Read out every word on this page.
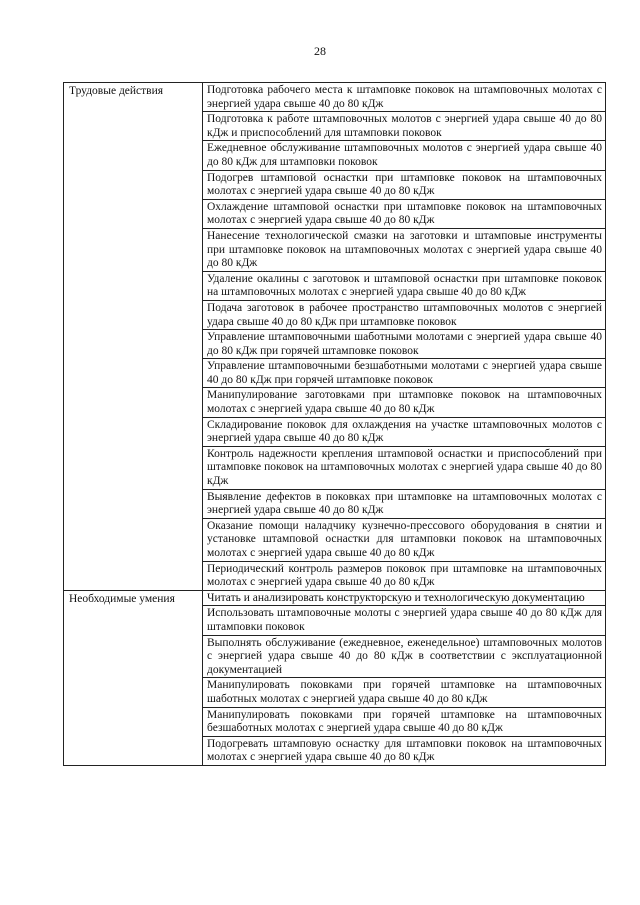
28
Трудовые действия	Подготовка рабочего места к штамповке поковок на штамповочных молотах с энергией удара свыше 40 до 80 кДж
Подготовка к работе штамповочных молотов с энергией удара свыше 40 до 80 кДж и приспособлений для штамповки поковок
Ежедневное обслуживание штамповочных молотов с энергией удара свыше 40 до 80 кДж для штамповки поковок
Подогрев штамповой оснастки при штамповке поковок на штамповочных молотах с энергией удара свыше 40 до 80 кДж
Охлаждение штамповой оснастки при штамповке поковок на штамповочных молотах с энергией удара свыше 40 до 80 кДж
Нанесение технологической смазки на заготовки и штамповые инструменты при штамповке поковок на штамповочных молотах с энергией удара свыше 40 до 80 кДж
Удаление окалины с заготовок и штамповой оснастки при штамповке поковок на штамповочных молотах с энергией удара свыше 40 до 80 кДж
Подача заготовок в рабочее пространство штамповочных молотов с энергией удара свыше 40 до 80 кДж при штамповке поковок
Управление штамповочными шаботными молотами с энергией удара свыше 40 до 80 кДж при горячей штамповке поковок
Управление штамповочными безшаботными молотами с энергией удара свыше 40 до 80 кДж при горячей штамповке поковок
Манипулирование заготовками при штамповке поковок на штамповочных молотах с энергией удара свыше 40 до 80 кДж
Складирование поковок для охлаждения на участке штамповочных молотов с энергией удара свыше 40 до 80 кДж
Контроль надежности крепления штамповой оснастки и приспособлений при штамповке поковок на штамповочных молотах с энергией удара свыше 40 до 80 кДж
Выявление дефектов в поковках при штамповке на штамповочных молотах с энергией удара свыше 40 до 80 кДж
Оказание помощи наладчику кузнечно-прессового оборудования в снятии и установке штамповой оснастки для штамповки поковок на штамповочных молотах с энергией удара свыше 40 до 80 кДж
Периодический контроль размеров поковок при штамповке на штамповочных молотах с энергией удара свыше 40 до 80 кДж
Необходимые умения	Читать и анализировать конструкторскую и технологическую документацию
Использовать штамповочные молоты с энергией удара свыше 40 до 80 кДж для штамповки поковок
Выполнять обслуживание (ежедневное, еженедельное) штамповочных молотов с энергией удара свыше 40 до 80 кДж в соответствии с эксплуатационной документацией
Манипулировать поковками при горячей штамповке на штамповочных шаботных молотах с энергией удара свыше 40 до 80 кДж
Манипулировать поковками при горячей штамповке на штамповочных безшаботных молотах с энергией удара свыше 40 до 80 кДж
Подогревать штамповую оснастку для штамповки поковок на штамповочных молотах с энергией удара свыше 40 до 80 кДж
